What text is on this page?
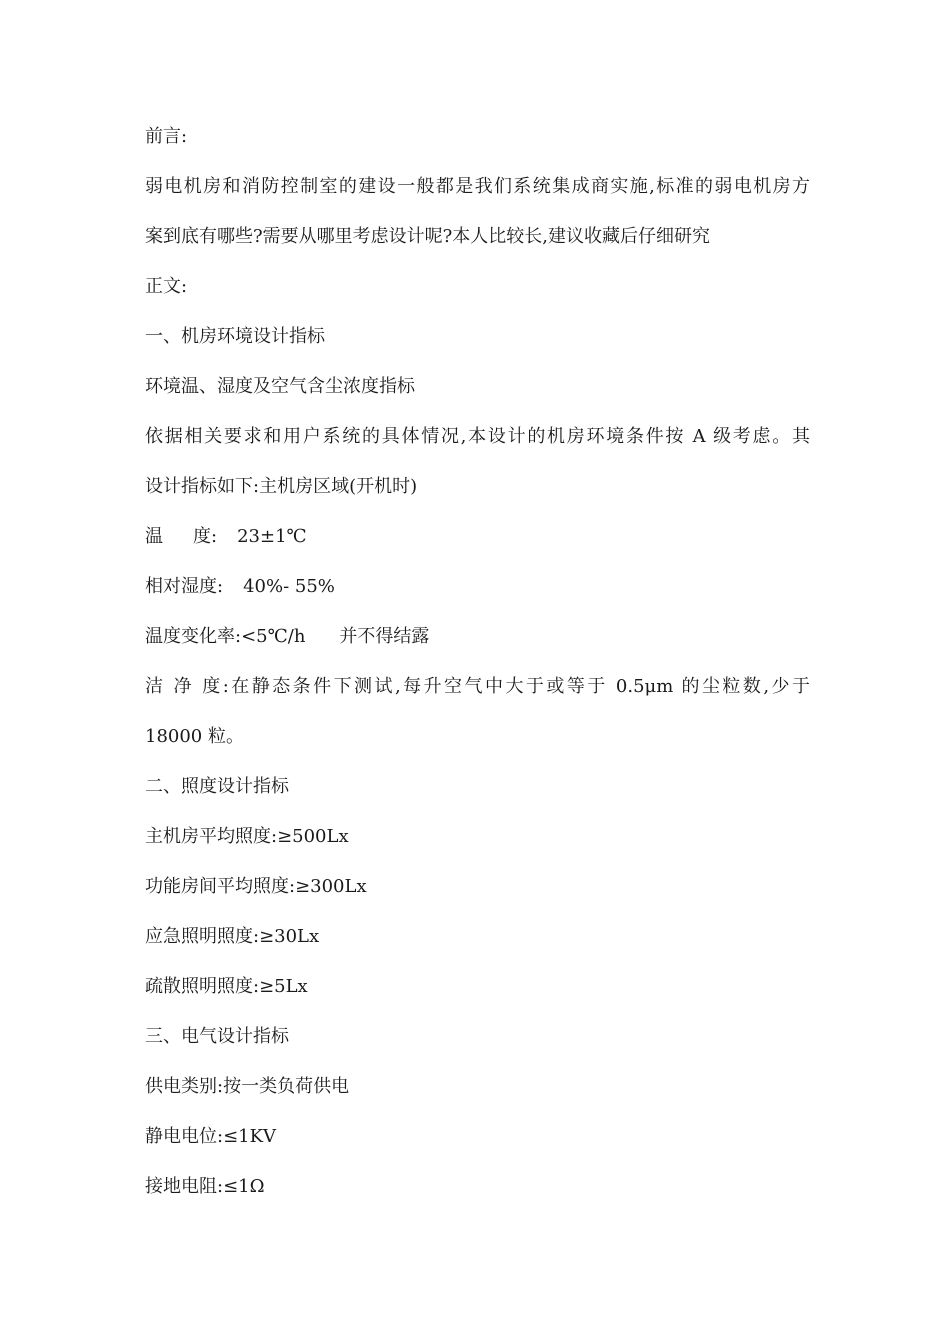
前言:
弱电机房和消防控制室的建设一般都是我们系统集成商实施,标准的弱电机房方
案到底有哪些?需要从哪里考虑设计呢?本人比较长,建议收藏后仔细研究
正文:
一、机房环境设计指标
环境温、湿度及空气含尘浓度指标
依据相关要求和用户系统的具体情况,本设计的机房环境条件按 A 级考虑。其
设计指标如下:主机房区域(开机时)
温 度: 23±1℃
相对湿度: 40%- 55%
温度变化率:<5℃/h 并不得结露
洁 净 度:在静态条件下测试,每升空气中大于或等于 0.5μm 的尘粒数,少于
18000 粒。
二、照度设计指标
主机房平均照度:≥500Lx
功能房间平均照度:≥300Lx
应急照明照度:≥30Lx
疏散照明照度:≥5Lx
三、电气设计指标
供电类别:按一类负荷供电
静电电位:≤1KV
接地电阻:≤1Ω
